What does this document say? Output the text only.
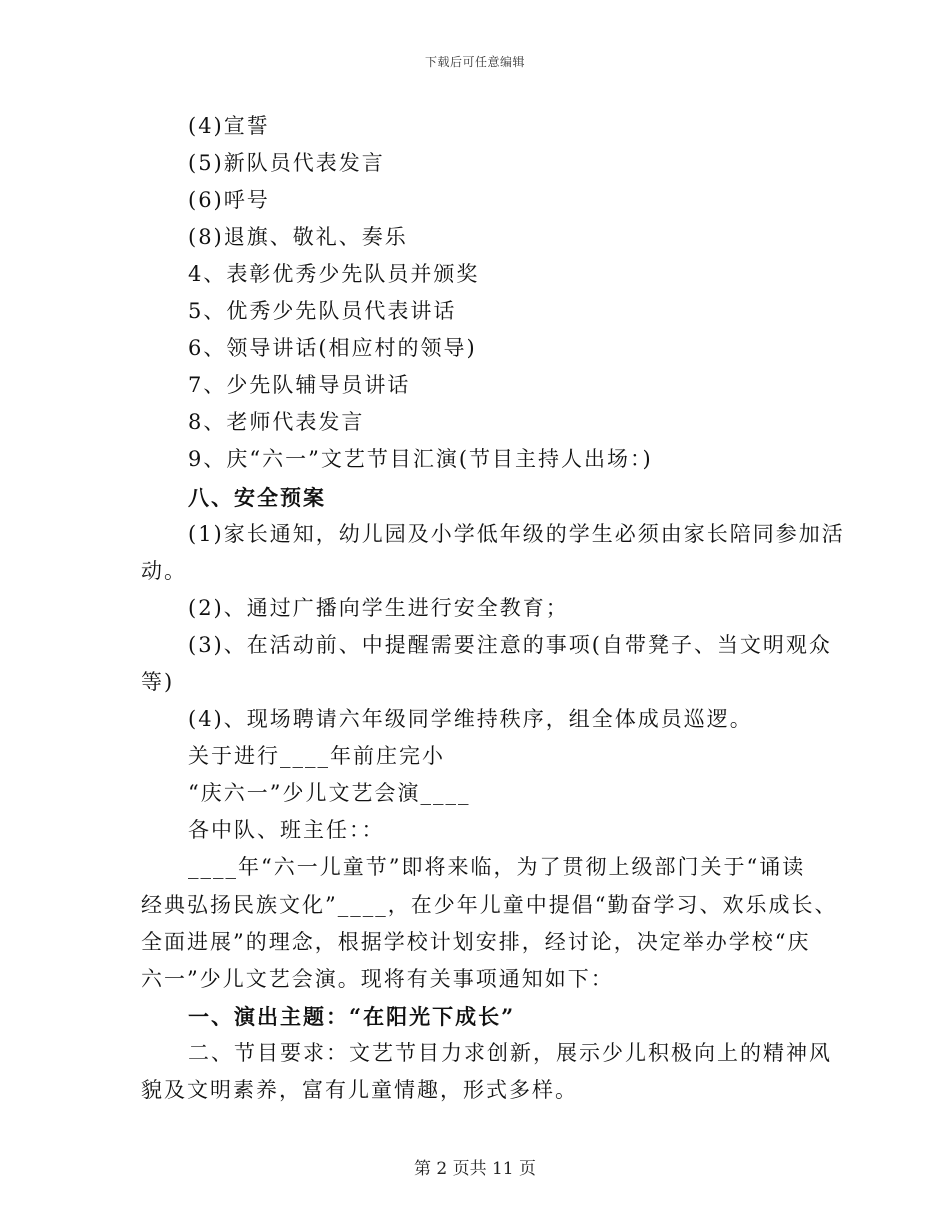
下载后可任意编辑
(4)宣誓
(5)新队员代表发言
(6)呼号
(8)退旗、敬礼、奏乐
4、表彰优秀少先队员并颁奖
5、优秀少先队员代表讲话
6、领导讲话(相应村的领导)
7、少先队辅导员讲话
8、老师代表发言
9、庆“六一”文艺节目汇演(节目主持人出场：)
八、安全预案
(1)家长通知，幼儿园及小学低年级的学生必须由家长陪同参加活
动。
(2)、通过广播向学生进行安全教育；
(3)、在活动前、中提醒需要注意的事项(自带凳子、当文明观众
等)
(4)、现场聘请六年级同学维持秩序，组全体成员巡逻。
关于进行____年前庄完小
“庆六一”少儿文艺会演____
各中队、班主任：：
____年“六一儿童节”即将来临，为了贯彻上级部门关于“诵读
经典弘扬民族文化”____，在少年儿童中提倡“勤奋学习、欢乐成长、
全面进展”的理念，根据学校计划安排，经讨论，决定举办学校“庆
六一”少儿文艺会演。现将有关事项通知如下：
一、演出主题：“在阳光下成长”
二、节目要求：文艺节目力求创新，展示少儿积极向上的精神风
貌及文明素养，富有儿童情趣，形式多样。
第 2 页共 11 页
